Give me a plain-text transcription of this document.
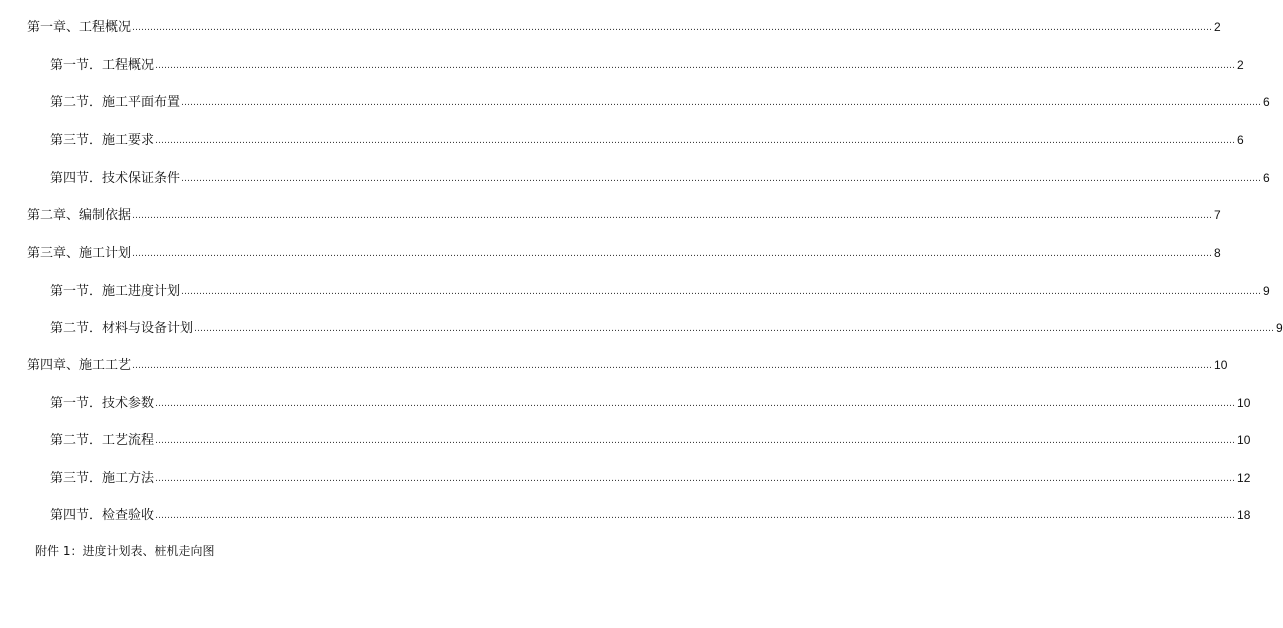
第一章、工程概况 ……………………………………………………………………………………………………………………………………………………………………………………………………………………………………………………………………………………………………………………………… 2
第一节．工程概况 ……………………………………………………………………………………………………………………………………………………………………………………………………………………………………………………………………………………………………………………………… 2
第二节．施工平面布置 ……………………………………………………………………………………………………………………………………………………………………………………………………………………………………………………………………………………………………………………………… 6
第三节．施工要求 ……………………………………………………………………………………………………………………………………………………………………………………………………………………………………………………………………………………………………………………………… 6
第四节．技术保证条件 ……………………………………………………………………………………………………………………………………………………………………………………………………………………………………………………………………………………………………………………………… 6
第二章、编制依据 ……………………………………………………………………………………………………………………………………………………………………………………………………………………………………………………………………………………………………………………………… 7
第三章、施工计划 ……………………………………………………………………………………………………………………………………………………………………………………………………………………………………………………………………………………………………………………………… 8
第一节．施工进度计划 ……………………………………………………………………………………………………………………………………………………………………………………………………………………………………………………………………………………………………………………………… 9
第二节．材料与设备计划 ……………………………………………………………………………………………………………………………………………………………………………………………………………………………………………………………………………………………………………………………… 9
第四章、施工工艺 ……………………………………………………………………………………………………………………………………………………………………………………………………………………………………………………………………………………………………………………………… 10
第一节．技术参数 ……………………………………………………………………………………………………………………………………………………………………………………………………………………………………………………………………………………………………………………………… 10
第二节．工艺流程 ……………………………………………………………………………………………………………………………………………………………………………………………………………………………………………………………………………………………………………………………… 10
第三节．施工方法 ……………………………………………………………………………………………………………………………………………………………………………………………………………………………………………………………………………………………………………………………… 12
第四节．检查验收 ……………………………………………………………………………………………………………………………………………………………………………………………………………………………………………………………………………………………………………………………… 18
附件 1：进度计划表、桩机走向图
